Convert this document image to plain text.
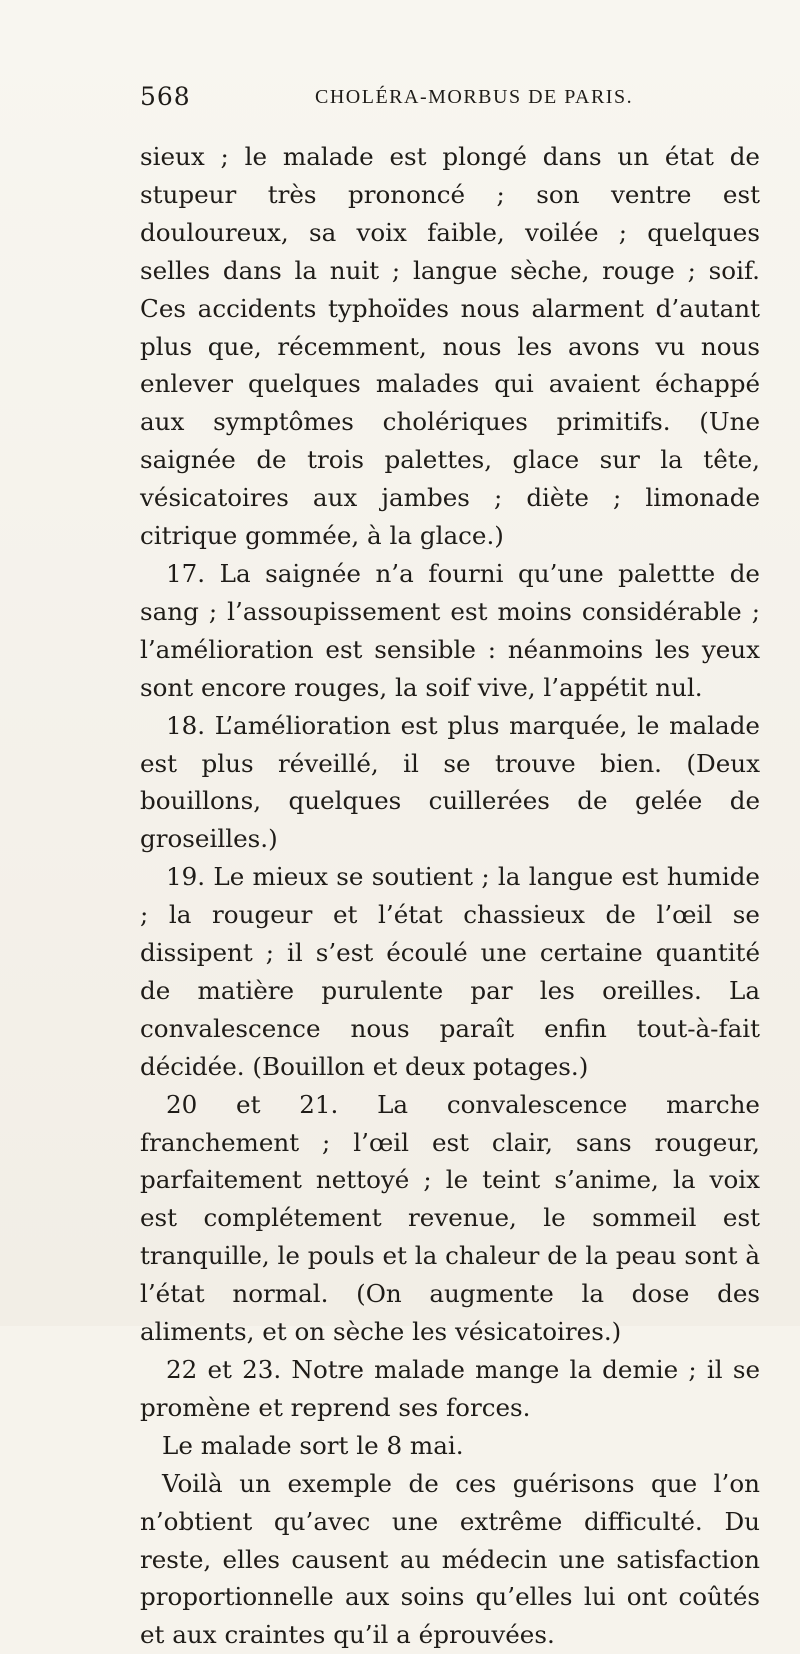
568	CHOLÉRA-MORBUS DE PARIS.

sieux ; le malade est plongé dans un état de stupeur très prononcé ; son ventre est douloureux, sa voix faible, voilée ; quelques selles dans la nuit ; langue sèche, rouge ; soif. Ces accidents typhoïdes nous alarment d’autant plus que, récemment, nous les avons vu nous enlever quelques malades qui avaient échappé aux symptômes cholériques primitifs. (Une saignée de trois palettes, glace sur la tête, vésicatoires aux jambes ; diète ; limonade citrique gommée, à la glace.)

17. La saignée n’a fourni qu’une palettte de sang ; l’assoupissement est moins considérable ; l’amélioration est sensible : néanmoins les yeux sont encore rouges, la soif vive, l’appétit nul.

18. L’amélioration est plus marquée, le malade est plus réveillé, il se trouve bien. (Deux bouillons, quelques cuillerées de gelée de groseilles.)

19. Le mieux se soutient ; la langue est humide ; la rougeur et l’état chassieux de l’œil se dissipent ; il s’est écoulé une certaine quantité de matière purulente par les oreilles. La convalescence nous paraît enfin tout-à-fait décidée. (Bouillon et deux potages.)

20 et 21. La convalescence marche franchement ; l’œil est clair, sans rougeur, parfaitement nettoyé ; le teint s’anime, la voix est complétement revenue, le sommeil est tranquille, le pouls et la chaleur de la peau sont à l’état normal. (On augmente la dose des aliments, et on sèche les vésicatoires.)

22 et 23. Notre malade mange la demie ; il se promène et reprend ses forces.

Le malade sort le 8 mai.

Voilà un exemple de ces guérisons que l’on n’obtient qu’avec une extrême difficulté. Du reste, elles causent au médecin une satisfaction proportionnelle aux soins qu’elles lui ont coûtés et aux craintes qu’il a éprouvées.
